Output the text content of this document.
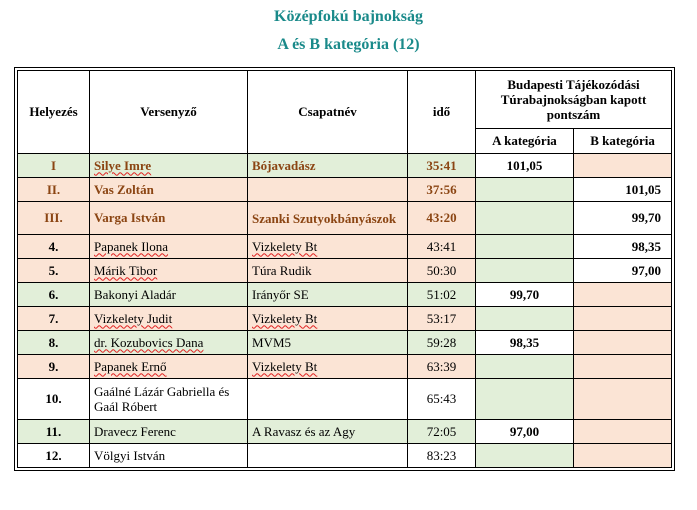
Középfokú bajnokság
A és B kategória (12)
Helyezés	Versenyző	Csapatnév	idő	Budapesti Tájékozódási Túrabajnokságban kapott pontszám	
				A kategória	B kategória
I	Silye Imre	Bójavadász	35:41	101,05	
II.	Vas Zoltán		37:56		101,05
III.	Varga István	Szanki Szutyokbányászok	43:20		99,70
4.	Papanek Ilona	Vizkelety Bt	43:41		98,35
5.	Márik Tibor	Túra Rudik	50:30		97,00
6.	Bakonyi Aladár	Irányőr SE	51:02	99,70	
7.	Vizkelety Judit	Vizkelety Bt	53:17		
8.	dr. Kozubovics Dana	MVM5	59:28	98,35	
9.	Papanek Ernő	Vizkelety Bt	63:39		
10.	Gaálné Lázár Gabriella és Gaál Róbert		65:43		
11.	Dravecz Ferenc	A Ravasz és az Agy	72:05	97,00	
12.	Völgyi István		83:23		
